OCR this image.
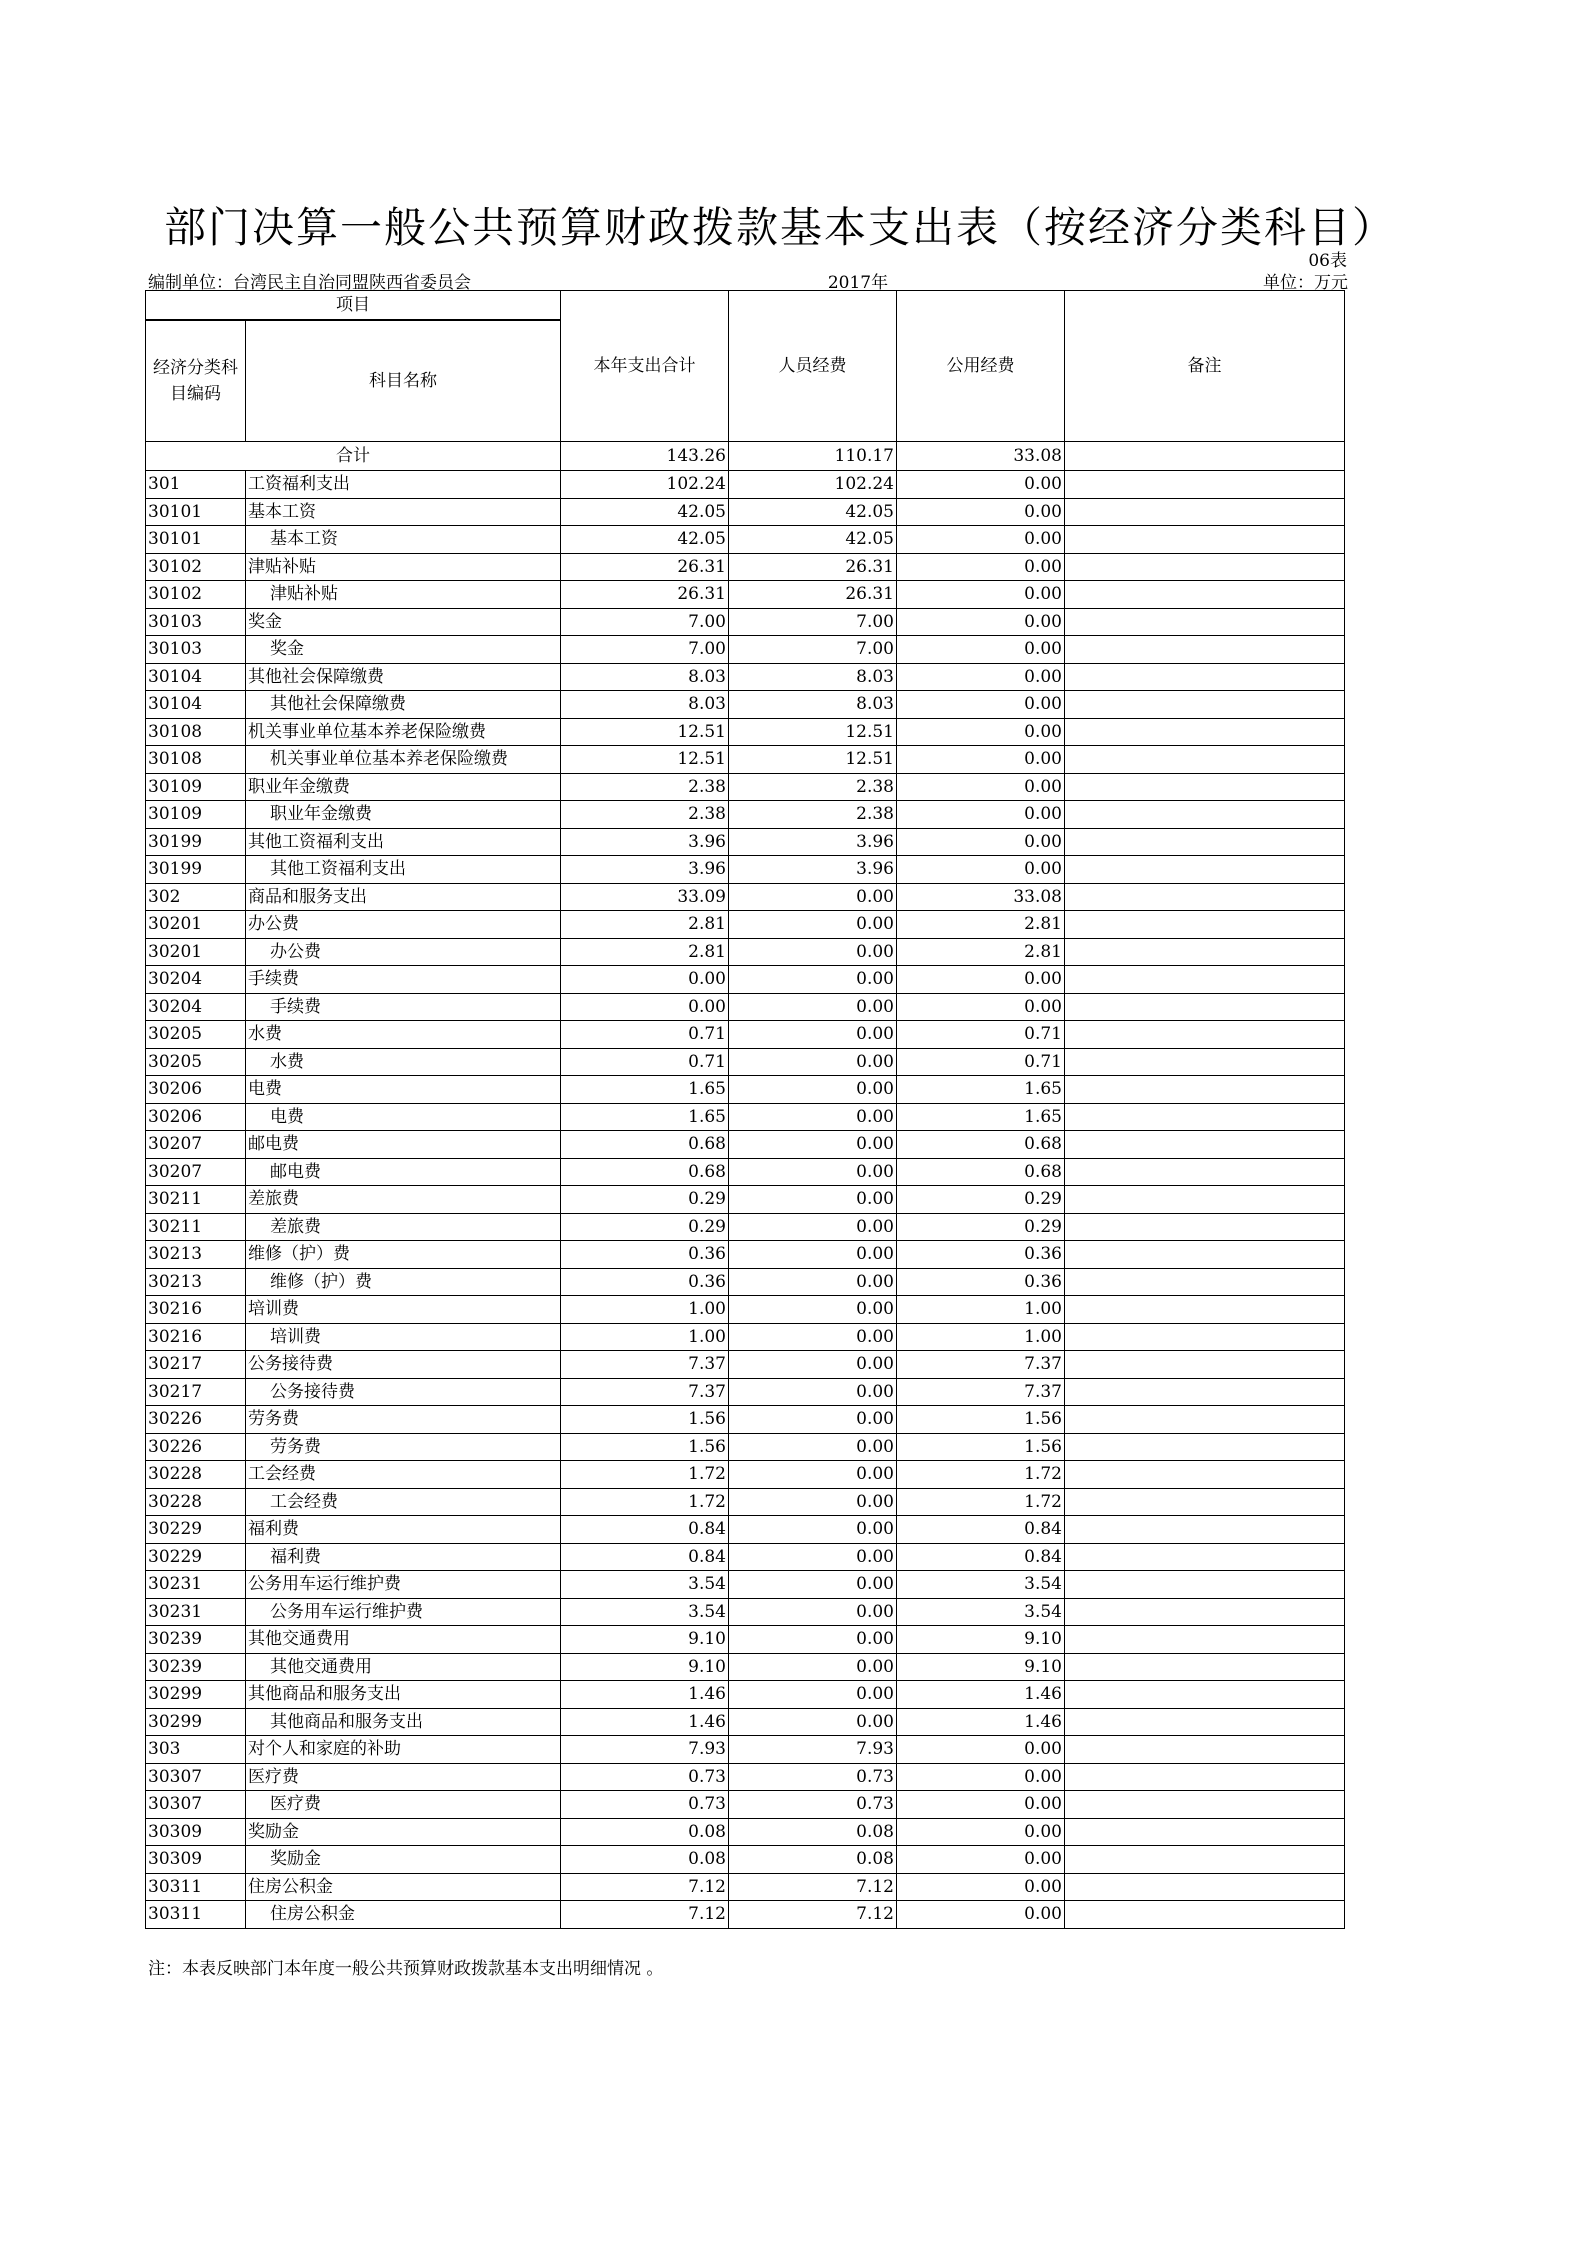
部门决算一般公共预算财政拨款基本支出表（按经济分类科目）
06表
编制单位：台湾民主自治同盟陕西省委员会	2017年	单位：万元
项目		本年支出合计	人员经费	公用经费	备注
经济分类科目编码	科目名称				
合计		143.26	110.17	33.08	
301	工资福利支出	102.24	102.24	0.00	
30101	基本工资	42.05	42.05	0.00	
30101	基本工资	42.05	42.05	0.00	
30102	津贴补贴	26.31	26.31	0.00	
30102	津贴补贴	26.31	26.31	0.00	
30103	奖金	7.00	7.00	0.00	
30103	奖金	7.00	7.00	0.00	
30104	其他社会保障缴费	8.03	8.03	0.00	
30104	其他社会保障缴费	8.03	8.03	0.00	
30108	机关事业单位基本养老保险缴费	12.51	12.51	0.00	
30108	机关事业单位基本养老保险缴费	12.51	12.51	0.00	
30109	职业年金缴费	2.38	2.38	0.00	
30109	职业年金缴费	2.38	2.38	0.00	
30199	其他工资福利支出	3.96	3.96	0.00	
30199	其他工资福利支出	3.96	3.96	0.00	
302	商品和服务支出	33.09	0.00	33.08	
30201	办公费	2.81	0.00	2.81	
30201	办公费	2.81	0.00	2.81	
30204	手续费	0.00	0.00	0.00	
30204	手续费	0.00	0.00	0.00	
30205	水费	0.71	0.00	0.71	
30205	水费	0.71	0.00	0.71	
30206	电费	1.65	0.00	1.65	
30206	电费	1.65	0.00	1.65	
30207	邮电费	0.68	0.00	0.68	
30207	邮电费	0.68	0.00	0.68	
30211	差旅费	0.29	0.00	0.29	
30211	差旅费	0.29	0.00	0.29	
30213	维修（护）费	0.36	0.00	0.36	
30213	维修（护）费	0.36	0.00	0.36	
30216	培训费	1.00	0.00	1.00	
30216	培训费	1.00	0.00	1.00	
30217	公务接待费	7.37	0.00	7.37	
30217	公务接待费	7.37	0.00	7.37	
30226	劳务费	1.56	0.00	1.56	
30226	劳务费	1.56	0.00	1.56	
30228	工会经费	1.72	0.00	1.72	
30228	工会经费	1.72	0.00	1.72	
30229	福利费	0.84	0.00	0.84	
30229	福利费	0.84	0.00	0.84	
30231	公务用车运行维护费	3.54	0.00	3.54	
30231	公务用车运行维护费	3.54	0.00	3.54	
30239	其他交通费用	9.10	0.00	9.10	
30239	其他交通费用	9.10	0.00	9.10	
30299	其他商品和服务支出	1.46	0.00	1.46	
30299	其他商品和服务支出	1.46	0.00	1.46	
303	对个人和家庭的补助	7.93	7.93	0.00	
30307	医疗费	0.73	0.73	0.00	
30307	医疗费	0.73	0.73	0.00	
30309	奖励金	0.08	0.08	0.00	
30309	奖励金	0.08	0.08	0.00	
30311	住房公积金	7.12	7.12	0.00	
30311	住房公积金	7.12	7.12	0.00	
注：本表反映部门本年度一般公共预算财政拨款基本支出明细情况 。
